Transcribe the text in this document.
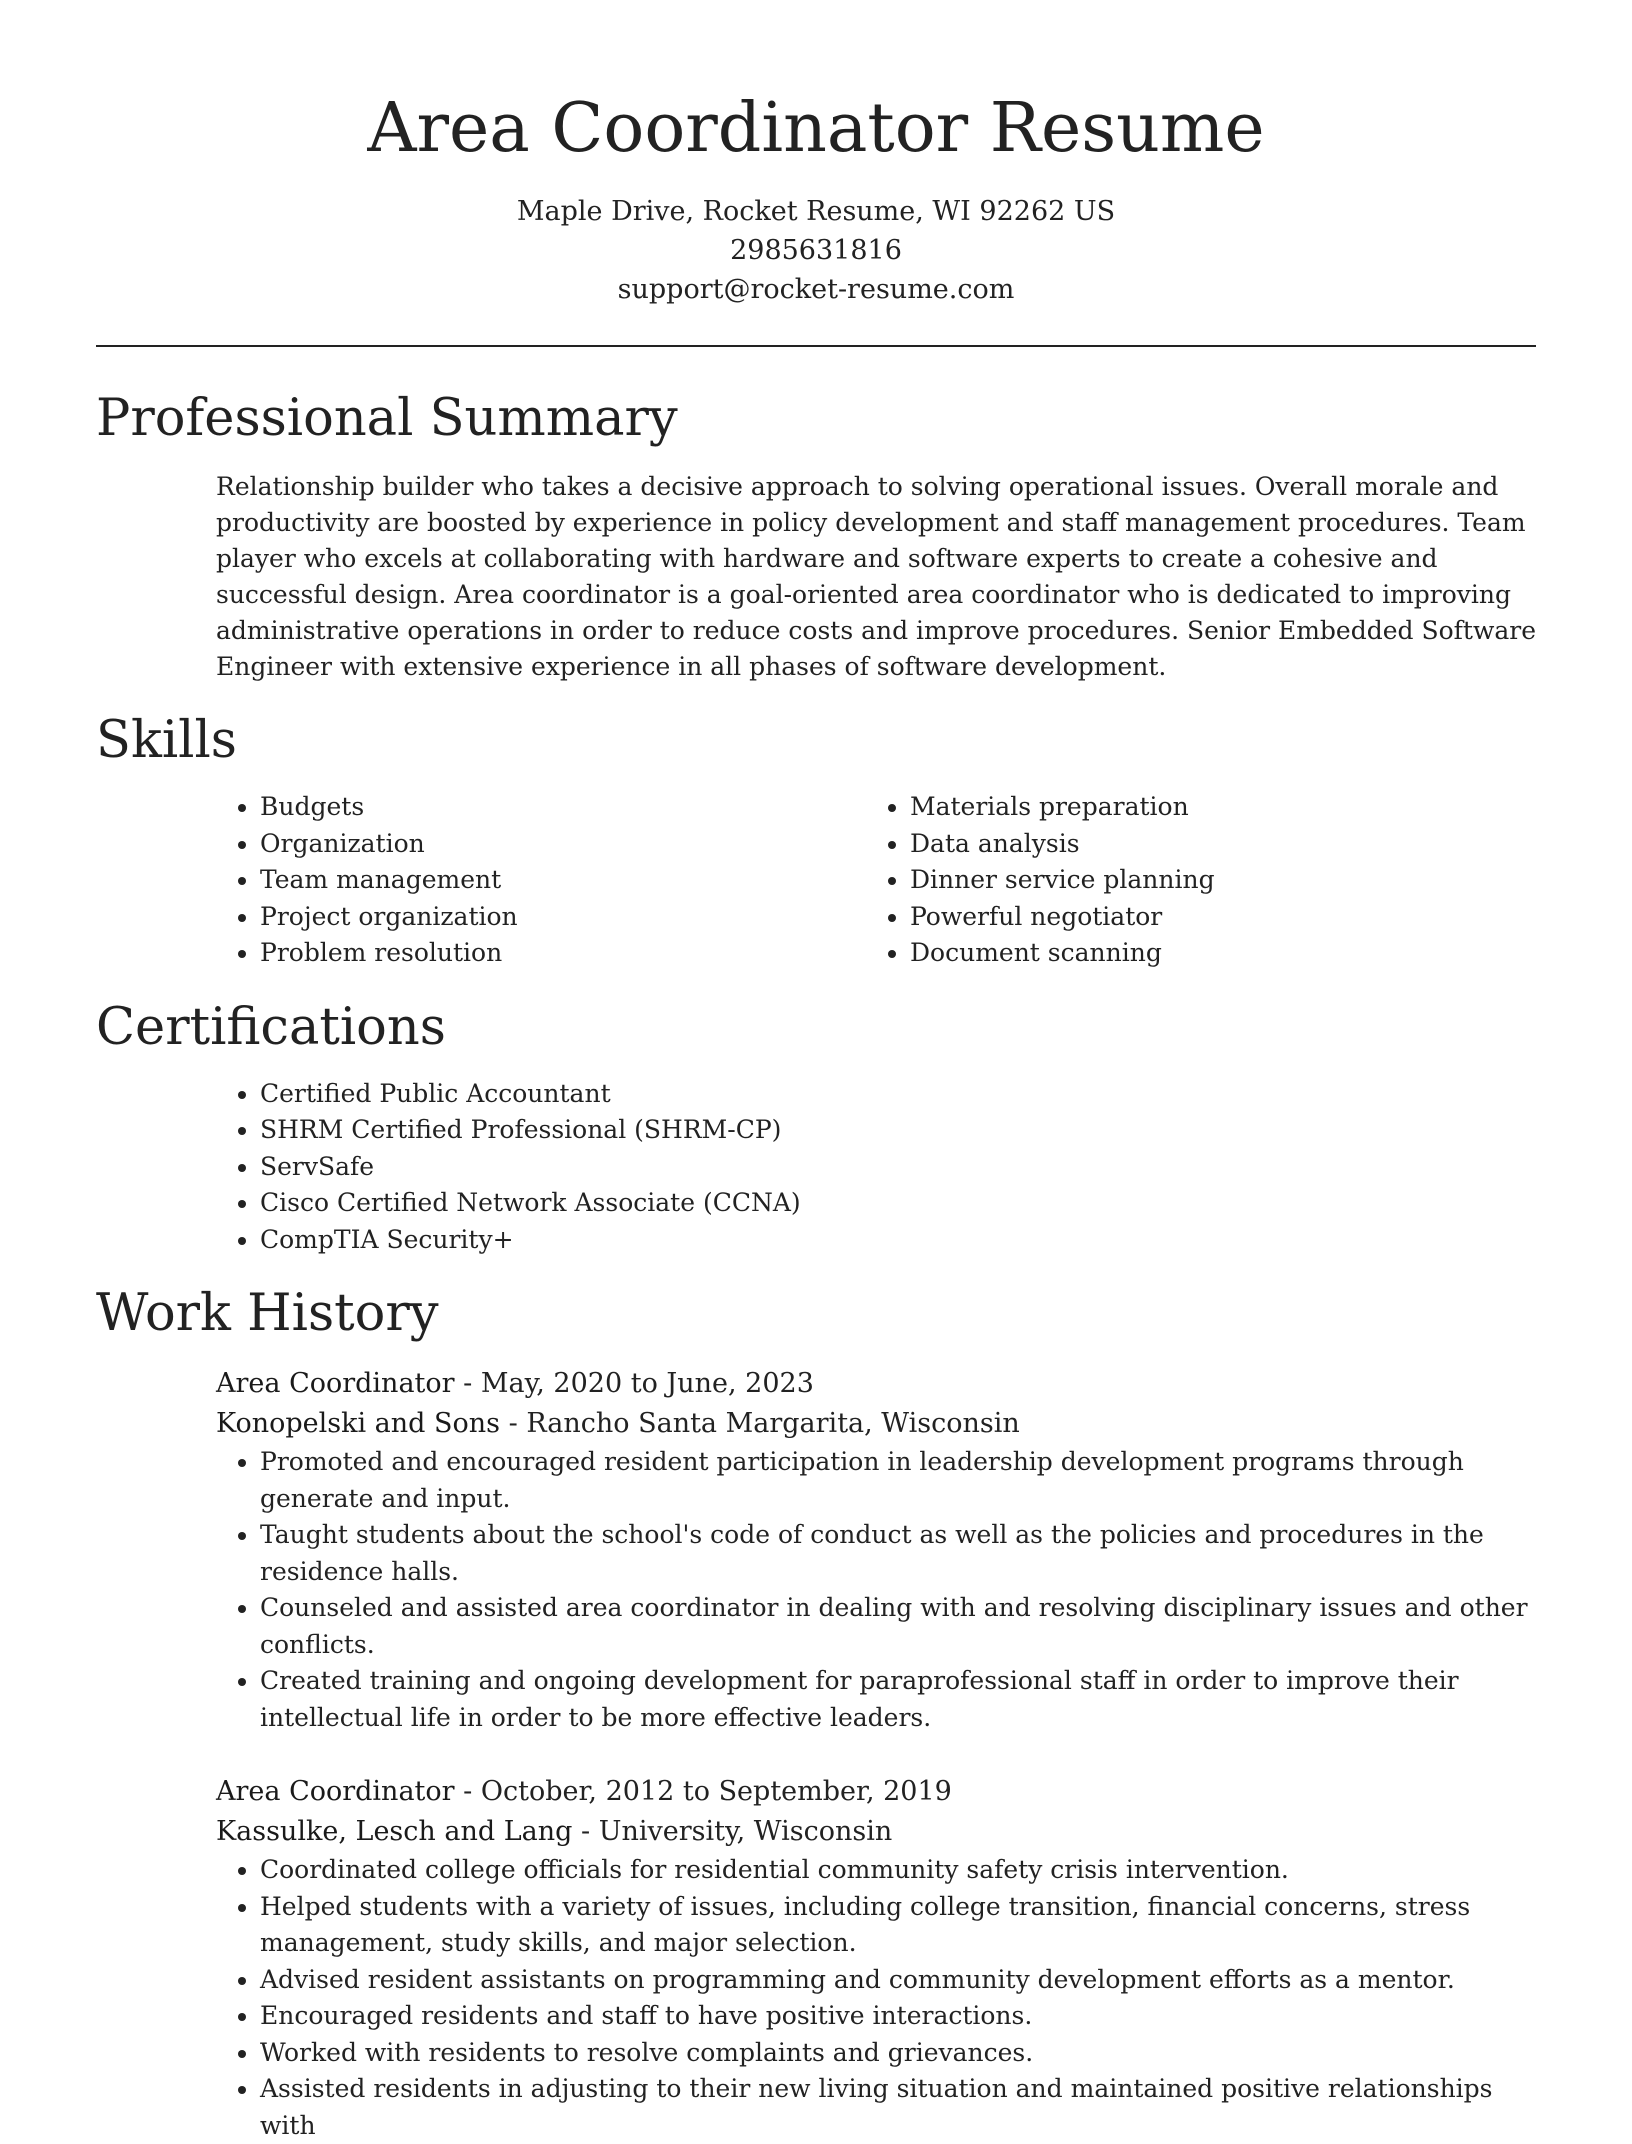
Area Coordinator Resume

Maple Drive, Rocket Resume, WI 92262 US

2985631816

support@rocket-resume.com

Professional Summary

Relationship builder who takes a decisive approach to solving operational issues. Overall morale and productivity are boosted by experience in policy development and staff management procedures. Team player who excels at collaborating with hardware and software experts to create a cohesive and successful design. Area coordinator is a goal-oriented area coordinator who is dedicated to improving administrative operations in order to reduce costs and improve procedures. Senior Embedded Software Engineer with extensive experience in all phases of software development.

Skills
• Budgets
• Organization
• Team management
• Project organization
• Problem resolution
• Materials preparation
• Data analysis
• Dinner service planning
• Powerful negotiator
• Document scanning
Certifications
• Certified Public Accountant
• SHRM Certified Professional (SHRM-CP)
• ServSafe
• Cisco Certified Network Associate (CCNA)
• CompTIA Security+
Work History

Area Coordinator - May, 2020 to June, 2023

Konopelski and Sons - Rancho Santa Margarita, Wisconsin

• Promoted and encouraged resident participation in leadership development programs through generate and input.
• Taught students about the school's code of conduct as well as the policies and procedures in the residence halls.
• Counseled and assisted area coordinator in dealing with and resolving disciplinary issues and other conflicts.
• Created training and ongoing development for paraprofessional staff in order to improve their intellectual life in order to be more effective leaders.

Area Coordinator - October, 2012 to September, 2019

Kassulke, Lesch and Lang - University, Wisconsin

• Coordinated college officials for residential community safety crisis intervention.
• Helped students with a variety of issues, including college transition, financial concerns, stress management, study skills, and major selection.
• Advised resident assistants on programming and community development efforts as a mentor.
• Encouraged residents and staff to have positive interactions.
• Worked with residents to resolve complaints and grievances.
• Assisted residents in adjusting to their new living situation and maintained positive relationships with
